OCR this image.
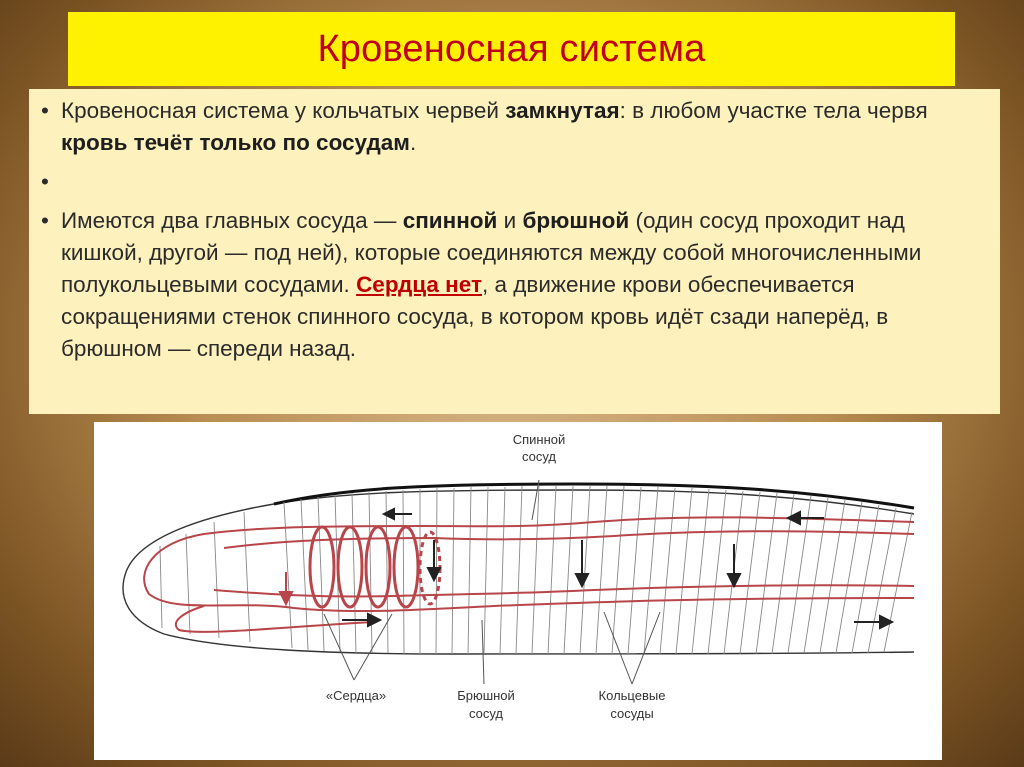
Кровеносная система
• Кровеносная система у кольчатых червей замкнутая: в любом участке тела червя кровь течёт только по сосудам.
•
• Имеются два главных сосуда — спинной и брюшной (один сосуд проходит над кишкой, другой — под ней), которые соединяются между собой многочисленными полукольцевыми сосудами. Сердца нет, а движение крови обеспечивается сокращениями стенок спинного сосуда, в котором кровь идёт сзади наперёд, в брюшном — спереди назад.
Спинной
сосуд
«Сердца»	Брюшной
сосуд
Кольцевые
сосуды
